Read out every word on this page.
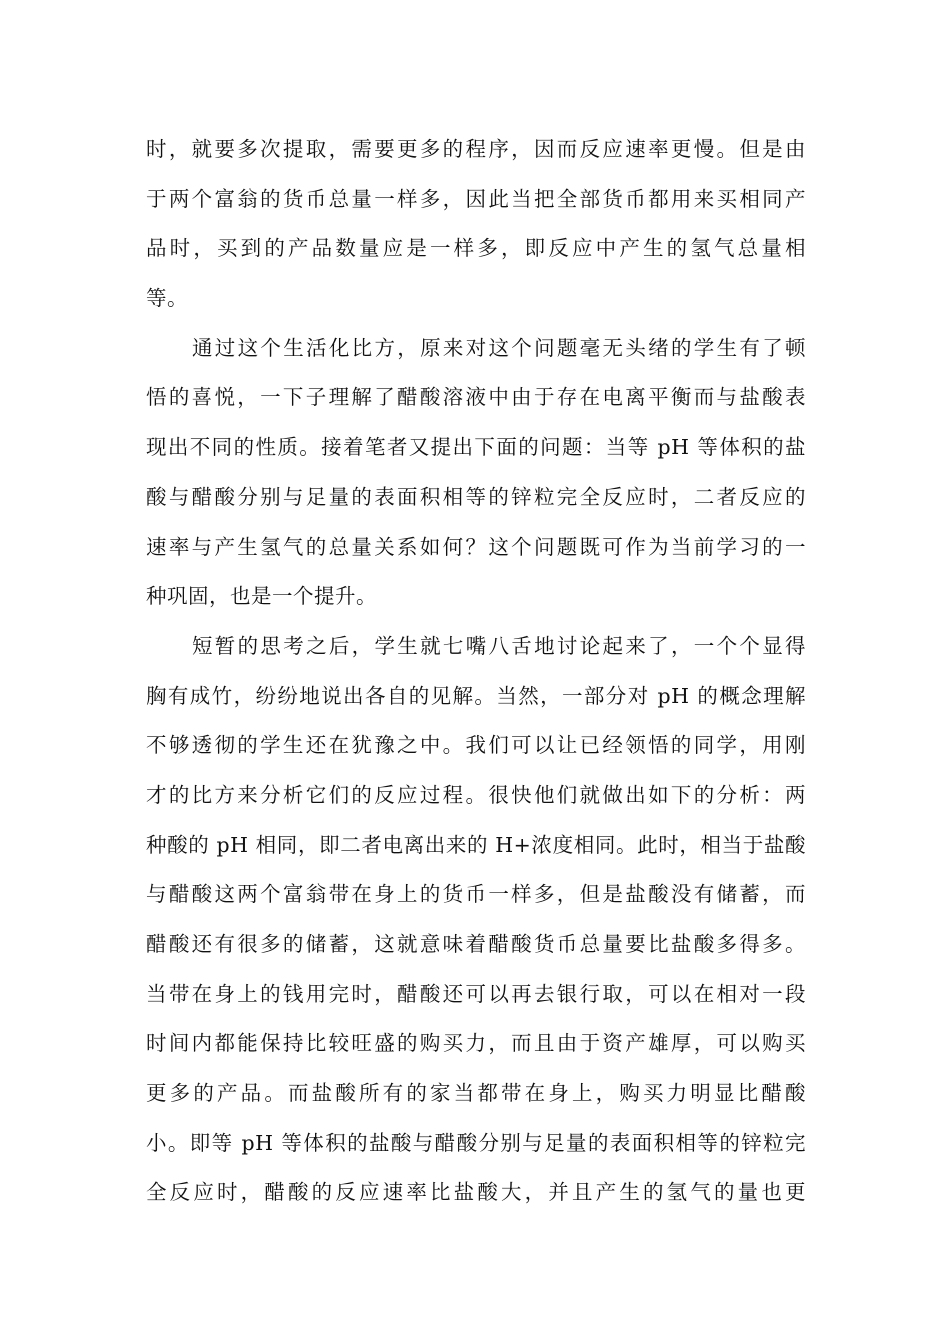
时，就要多次提取，需要更多的程序，因而反应速率更慢。但是由
于两个富翁的货币总量一样多，因此当把全部货币都用来买相同产
品时，买到的产品数量应是一样多，即反应中产生的氢气总量相
等。
通过这个生活化比方，原来对这个问题毫无头绪的学生有了顿
悟的喜悦，一下子理解了醋酸溶液中由于存在电离平衡而与盐酸表
现出不同的性质。接着笔者又提出下面的问题：当等 pH 等体积的盐
酸与醋酸分别与足量的表面积相等的锌粒完全反应时，二者反应的
速率与产生氢气的总量关系如何？这个问题既可作为当前学习的一
种巩固，也是一个提升。
短暂的思考之后，学生就七嘴八舌地讨论起来了，一个个显得
胸有成竹，纷纷地说出各自的见解。当然，一部分对 pH 的概念理解
不够透彻的学生还在犹豫之中。我们可以让已经领悟的同学，用刚
才的比方来分析它们的反应过程。很快他们就做出如下的分析：两
种酸的 pH 相同，即二者电离出来的 H+浓度相同。此时，相当于盐酸
与醋酸这两个富翁带在身上的货币一样多，但是盐酸没有储蓄，而
醋酸还有很多的储蓄，这就意味着醋酸货币总量要比盐酸多得多。
当带在身上的钱用完时，醋酸还可以再去银行取，可以在相对一段
时间内都能保持比较旺盛的购买力，而且由于资产雄厚，可以购买
更多的产品。而盐酸所有的家当都带在身上，购买力明显比醋酸
小。即等 pH 等体积的盐酸与醋酸分别与足量的表面积相等的锌粒完
全反应时，醋酸的反应速率比盐酸大，并且产生的氢气的量也更
